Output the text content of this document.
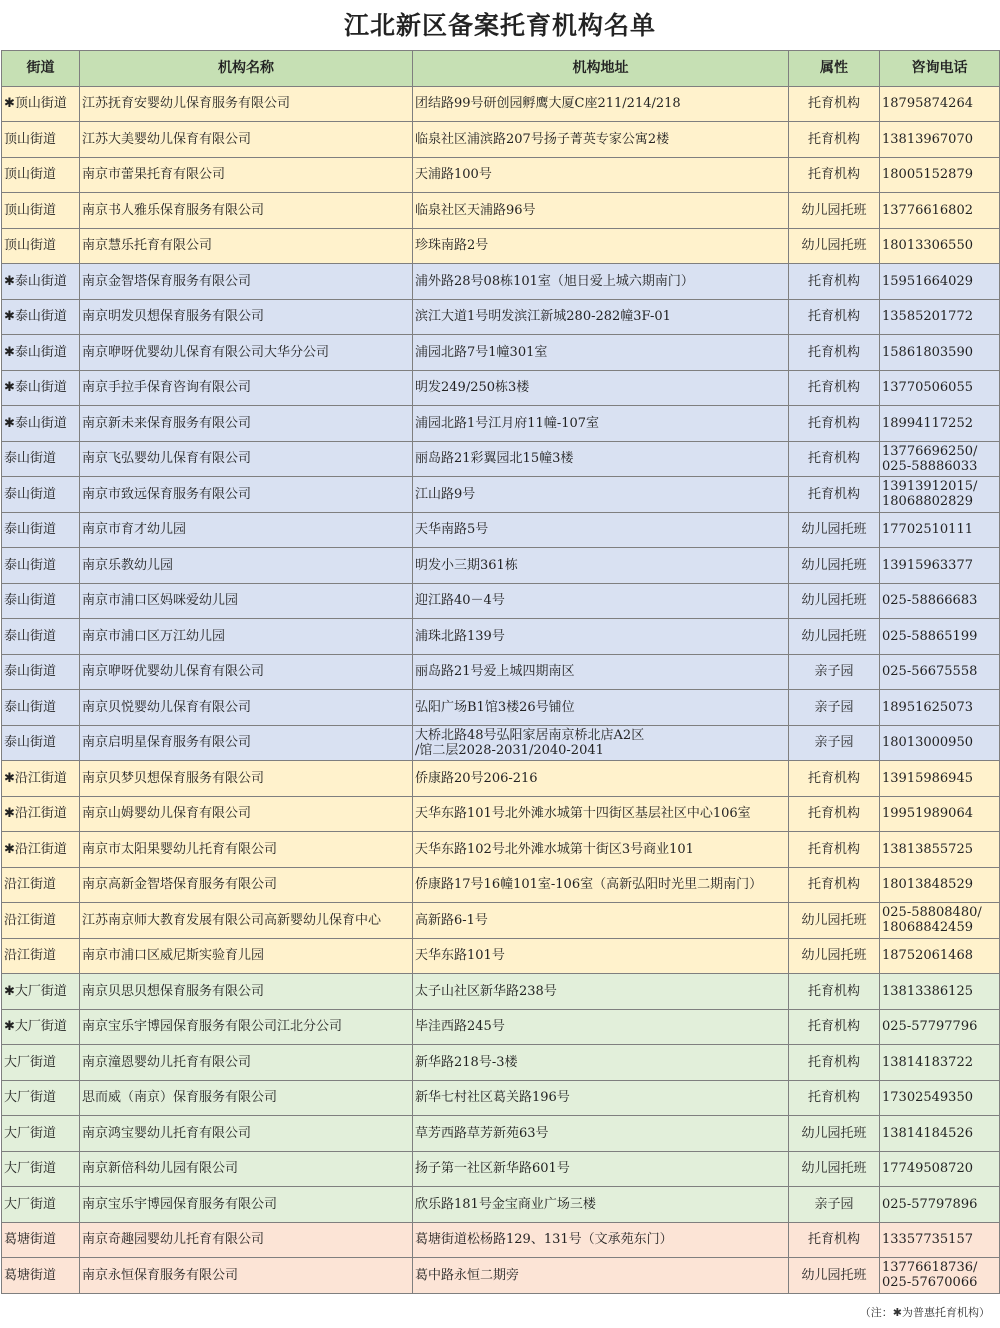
江北新区备案托育机构名单
街道	机构名称	机构地址	属性	咨询电话
✱顶山街道	江苏抚育安婴幼儿保育服务有限公司	团结路99号研创园孵鹰大厦C座211/214/218	托育机构	18795874264
顶山街道	江苏大美婴幼儿保育有限公司	临泉社区浦滨路207号扬子菁英专家公寓2楼	托育机构	13813967070
顶山街道	南京市蕾果托育有限公司	天浦路100号	托育机构	18005152879
顶山街道	南京书人雅乐保育服务有限公司	临泉社区天浦路96号	幼儿园托班	13776616802
顶山街道	南京慧乐托育有限公司	珍珠南路2号	幼儿园托班	18013306550
✱泰山街道	南京金智塔保育服务有限公司	浦外路28号08栋101室（旭日爱上城六期南门）	托育机构	15951664029
✱泰山街道	南京明发贝想保育服务有限公司	滨江大道1号明发滨江新城280-282幢3F-01	托育机构	13585201772
✱泰山街道	南京咿呀优婴幼儿保育有限公司大华分公司	浦园北路7号1幢301室	托育机构	15861803590
✱泰山街道	南京手拉手保育咨询有限公司	明发249/250栋3楼	托育机构	13770506055
✱泰山街道	南京新未来保育服务有限公司	浦园北路1号江月府11幢-107室	托育机构	18994117252
泰山街道	南京飞弘婴幼儿保育有限公司	丽岛路21彩翼园北15幢3楼	托育机构	13776696250/
025-58886033
泰山街道	南京市致远保育服务有限公司	江山路9号	托育机构	13913912015/
18068802829
泰山街道	南京市育才幼儿园	天华南路5号	幼儿园托班	17702510111
泰山街道	南京乐教幼儿园	明发小三期361栋	幼儿园托班	13915963377
泰山街道	南京市浦口区妈咪爱幼儿园	迎江路40－4号	幼儿园托班	025-58866683
泰山街道	南京市浦口区万江幼儿园	浦珠北路139号	幼儿园托班	025-58865199
泰山街道	南京咿呀优婴幼儿保育有限公司	丽岛路21号爱上城四期南区	亲子园	025-56675558
泰山街道	南京贝悦婴幼儿保育有限公司	弘阳广场B1馆3楼26号铺位	亲子园	18951625073
泰山街道	南京启明星保育服务有限公司	大桥北路48号弘阳家居南京桥北店A2区
/馆二层2028-2031/2040-2041	亲子园	18013000950
✱沿江街道	南京贝梦贝想保育服务有限公司	侨康路20号206-216	托育机构	13915986945
✱沿江街道	南京山姆婴幼儿保育有限公司	天华东路101号北外滩水城第十四街区基层社区中心106室	托育机构	19951989064
✱沿江街道	南京市太阳果婴幼儿托育有限公司	天华东路102号北外滩水城第十街区3号商业101	托育机构	13813855725
沿江街道	南京高新金智塔保育服务有限公司	侨康路17号16幢101室-106室（高新弘阳时光里二期南门）	托育机构	18013848529
沿江街道	江苏南京师大教育发展有限公司高新婴幼儿保育中心	高新路6-1号	幼儿园托班	025-58808480/
18068842459
沿江街道	南京市浦口区威尼斯实验育儿园	天华东路101号	幼儿园托班	18752061468
✱大厂街道	南京贝思贝想保育服务有限公司	太子山社区新华路238号	托育机构	13813386125
✱大厂街道	南京宝乐宇博园保育服务有限公司江北分公司	毕洼西路245号	托育机构	025-57797796
大厂街道	南京潼恩婴幼儿托育有限公司	新华路218号-3楼	托育机构	13814183722
大厂街道	思而威（南京）保育服务有限公司	新华七村社区葛关路196号	托育机构	17302549350
大厂街道	南京鸿宝婴幼儿托育有限公司	草芳西路草芳新苑63号	幼儿园托班	13814184526
大厂街道	南京新倍科幼儿园有限公司	扬子第一社区新华路601号	幼儿园托班	17749508720
大厂街道	南京宝乐宇博园保育服务有限公司	欣乐路181号金宝商业广场三楼	亲子园	025-57797896
葛塘街道	南京奇趣园婴幼儿托育有限公司	葛塘街道松杨路129、131号（文承苑东门）	托育机构	13357735157
葛塘街道	南京永恒保育服务有限公司	葛中路永恒二期旁	幼儿园托班	13776618736/
025-57670066
（注：✱为普惠托育机构）
